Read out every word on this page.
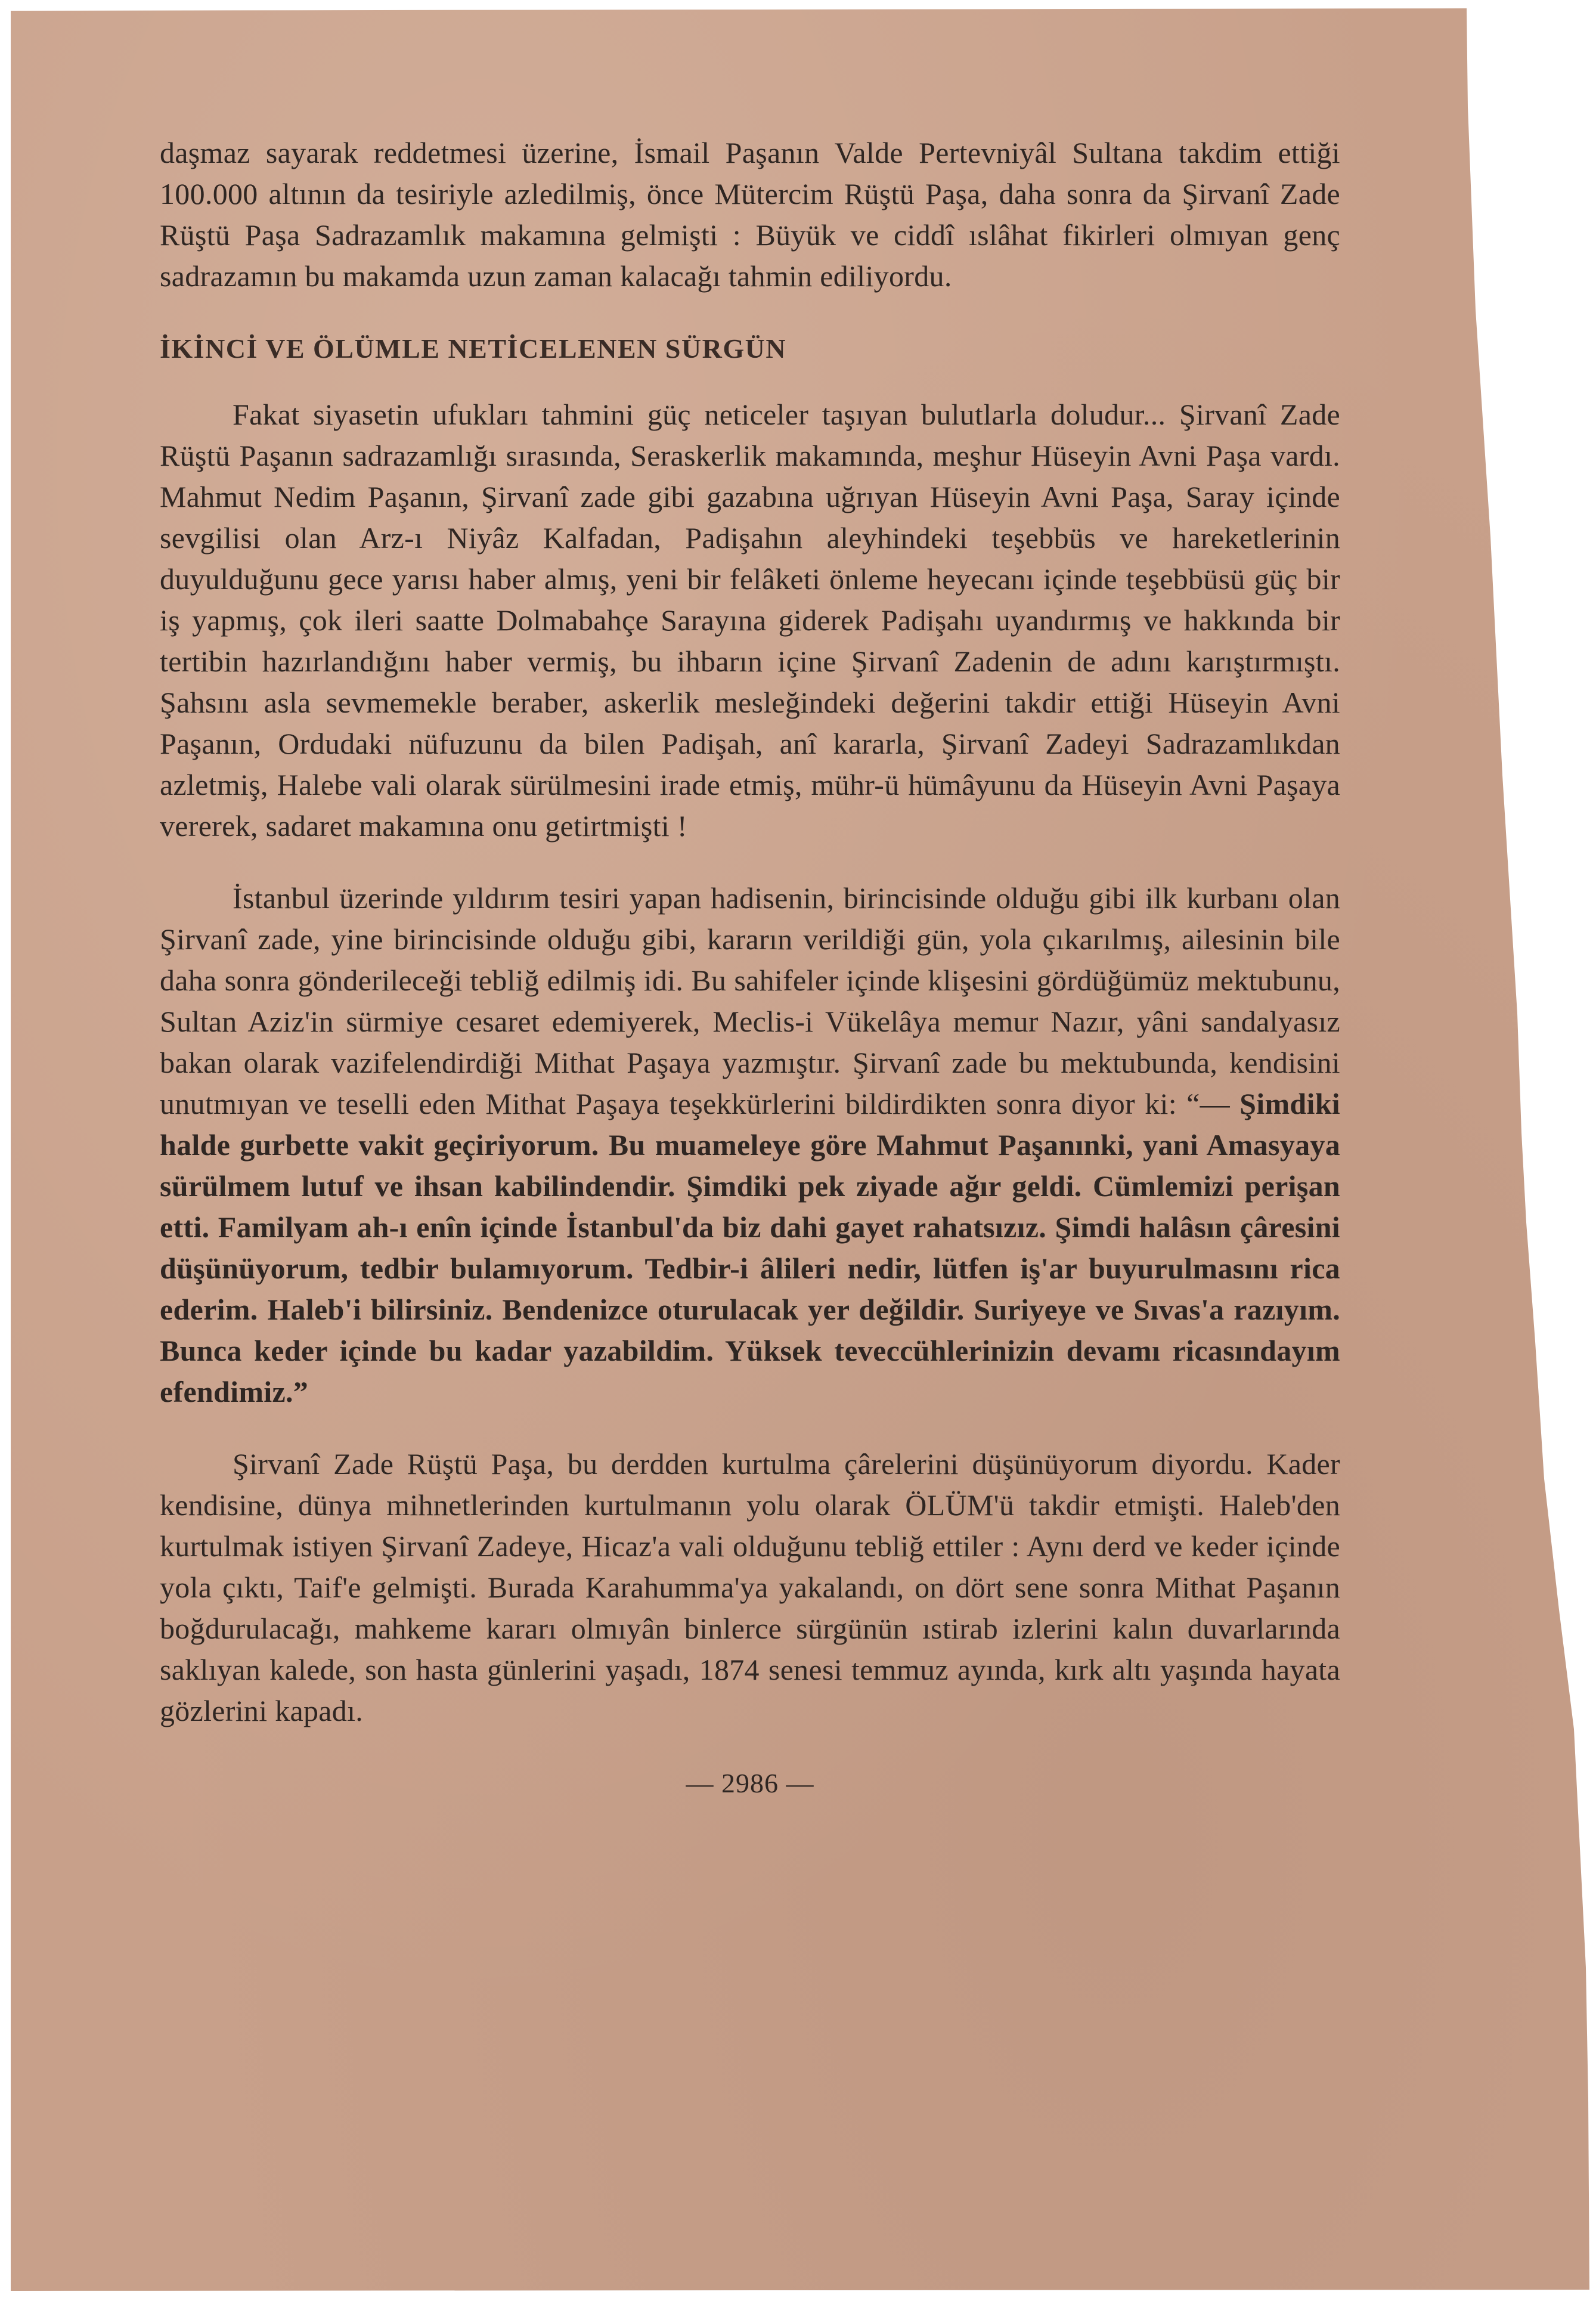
daşmaz sayarak reddetmesi üzerine, İsmail Paşanın Valde Pertevniyâl Sultana takdim ettiği 100.000 altının da tesiriyle azledilmiş, önce Mütercim Rüştü Paşa, daha sonra da Şirvanî Zade Rüştü Paşa Sadrazamlık makamına gelmişti : Büyük ve ciddî ıslâhat fikirleri olmıyan genç sadrazamın bu makamda uzun zaman kalacağı tahmin ediliyordu.

İKİNCİ VE ÖLÜMLE NETİCELENEN SÜRGÜN

Fakat siyasetin ufukları tahmini güç neticeler taşıyan bulutlarla doludur... Şirvanî Zade Rüştü Paşanın sadrazamlığı sırasında, Seraskerlik makamında, meşhur Hüseyin Avni Paşa vardı. Mahmut Nedim Paşanın, Şirvanî zade gibi gazabına uğrıyan Hüseyin Avni Paşa, Saray içinde sevgilisi olan Arz-ı Niyâz Kalfadan, Padişahın aleyhindeki teşebbüs ve hareketlerinin duyulduğunu gece yarısı haber almış, yeni bir felâketi önleme heyecanı içinde teşebbüsü güç bir iş yapmış, çok ileri saatte Dolmabahçe Sarayına giderek Padişahı uyandırmış ve hakkında bir tertibin hazırlandığını haber vermiş, bu ihbarın içine Şirvanî Zadenin de adını karıştırmıştı. Şahsını asla sevmemekle beraber, askerlik mesleğindeki değerini takdir ettiği Hüseyin Avni Paşanın, Ordudaki nüfuzunu da bilen Padişah, anî kararla, Şirvanî Zadeyi Sadrazamlıkdan azletmiş, Halebe vali olarak sürülmesini irade etmiş, mühr-ü hümâyunu da Hüseyin Avni Paşaya vererek, sadaret makamına onu getirtmişti !

İstanbul üzerinde yıldırım tesiri yapan hadisenin, birincisinde olduğu gibi ilk kurbanı olan Şirvanî zade, yine birincisinde olduğu gibi, kararın verildiği gün, yola çıkarılmış, ailesinin bile daha sonra gönderileceği tebliğ edilmiş idi. Bu sahifeler içinde klişesini gördüğümüz mektubunu, Sultan Aziz'in sürmiye cesaret edemiyerek, Meclis-i Vükelâya memur Nazır, yâni sandalyasız bakan olarak vazifelendirdiği Mithat Paşaya yazmıştır. Şirvanî zade bu mektubunda, kendisini unutmıyan ve teselli eden Mithat Paşaya teşekkürlerini bildirdikten sonra diyor ki: “— Şimdiki halde gurbette vakit geçiriyorum. Bu muameleye göre Mahmut Paşanınki, yani Amasyaya sürülmem lutuf ve ihsan kabilindendir. Şimdiki pek ziyade ağır geldi. Cümlemizi perişan etti. Familyam ah-ı enîn içinde İstanbul'da biz dahi gayet rahatsızız. Şimdi halâsın çâresini düşünüyorum, tedbir bulamıyorum. Tedbir-i âlileri nedir, lütfen iş'ar buyurulmasını rica ederim. Haleb'i bilirsiniz. Bendenizce oturulacak yer değildir. Suriyeye ve Sıvas'a razıyım. Bunca keder içinde bu kadar yazabildim. Yüksek teveccühlerinizin devamı ricasındayım efendimiz.”

Şirvanî Zade Rüştü Paşa, bu derdden kurtulma çârelerini düşünüyorum diyordu. Kader kendisine, dünya mihnetlerinden kurtulmanın yolu olarak ÖLÜM'ü takdir etmişti. Haleb'den kurtulmak istiyen Şirvanî Zadeye, Hicaz'a vali olduğunu tebliğ ettiler : Aynı derd ve keder içinde yola çıktı, Taif'e gelmişti. Burada Karahumma'ya yakalandı, on dört sene sonra Mithat Paşanın boğdurulacağı, mahkeme kararı olmıyân binlerce sürgünün ıstirab izlerini kalın duvarlarında saklıyan kalede, son hasta günlerini yaşadı, 1874 senesi temmuz ayında, kırk altı yaşında hayata gözlerini kapadı.

— 2986 —
